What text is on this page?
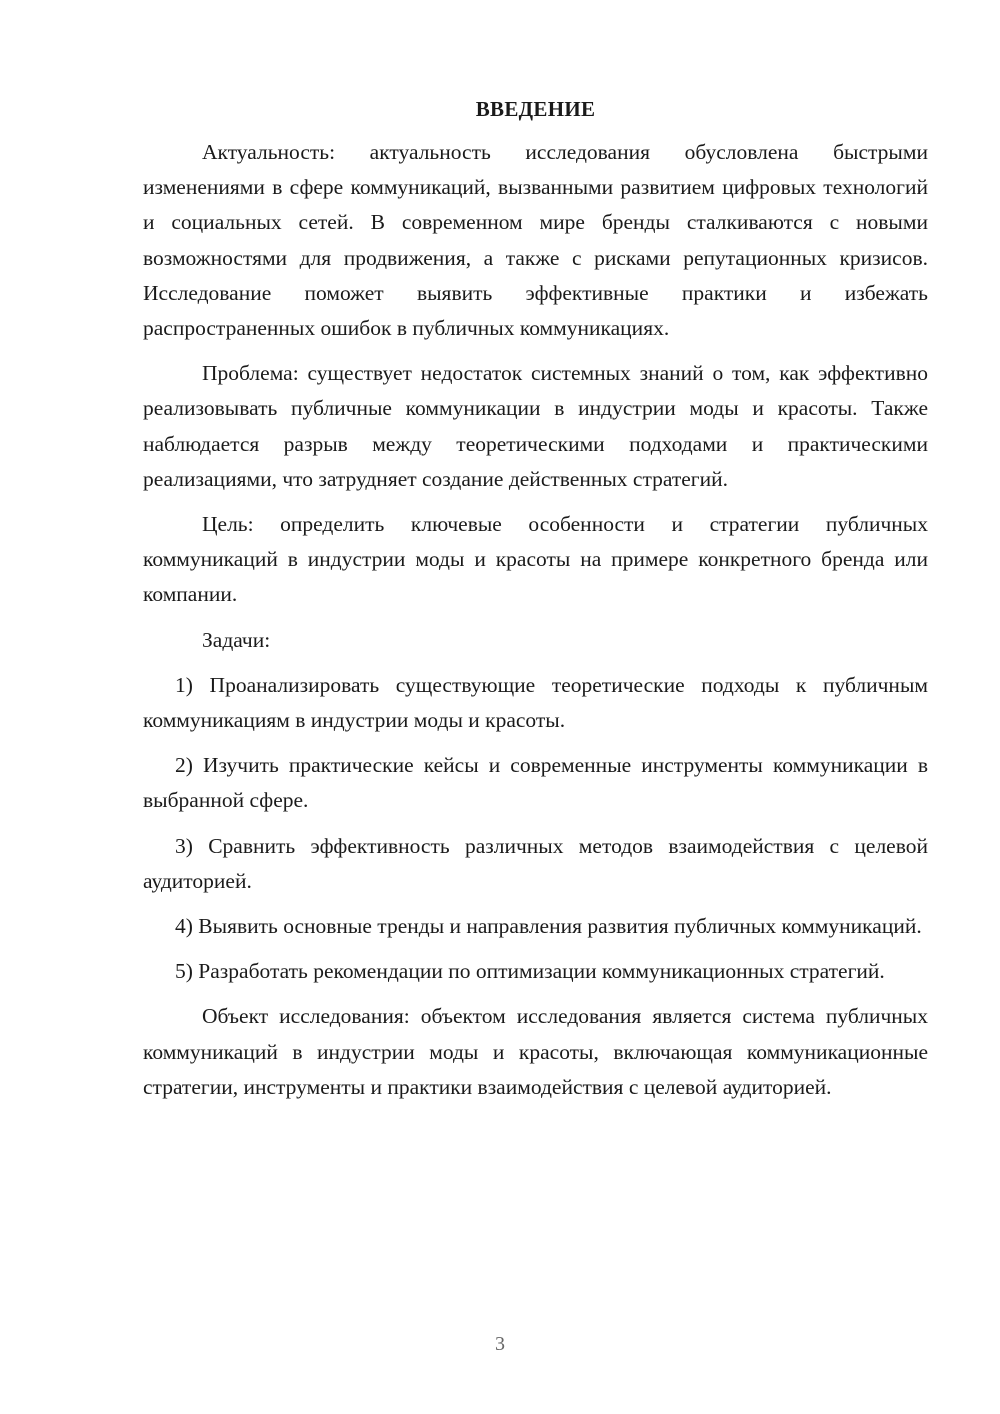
ВВЕДЕНИЕ

Актуальность: актуальность исследования обусловлена быстрыми изменениями в сфере коммуникаций, вызванными развитием цифровых технологий и социальных сетей. В современном мире бренды сталкиваются с новыми возможностями для продвижения, а также с рисками репутационных кризисов. Исследование поможет выявить эффективные практики и избежать распространенных ошибок в публичных коммуникациях.

Проблема: существует недостаток системных знаний о том, как эффективно реализовывать публичные коммуникации в индустрии моды и красоты. Также наблюдается разрыв между теоретическими подходами и практическими реализациями, что затрудняет создание действенных стратегий.

Цель: определить ключевые особенности и стратегии публичных коммуникаций в индустрии моды и красоты на примере конкретного бренда или компании.

Задачи:

1) Проанализировать существующие теоретические подходы к публичным коммуникациям в индустрии моды и красоты.

2) Изучить практические кейсы и современные инструменты коммуникации в выбранной сфере.

3) Сравнить эффективность различных методов взаимодействия с целевой аудиторией.

4) Выявить основные тренды и направления развития публичных коммуникаций.

5) Разработать рекомендации по оптимизации коммуникационных стратегий.

Объект исследования: объектом исследования является система публичных коммуникаций в индустрии моды и красоты, включающая коммуникационные стратегии, инструменты и практики взаимодействия с целевой аудиторией.

3
